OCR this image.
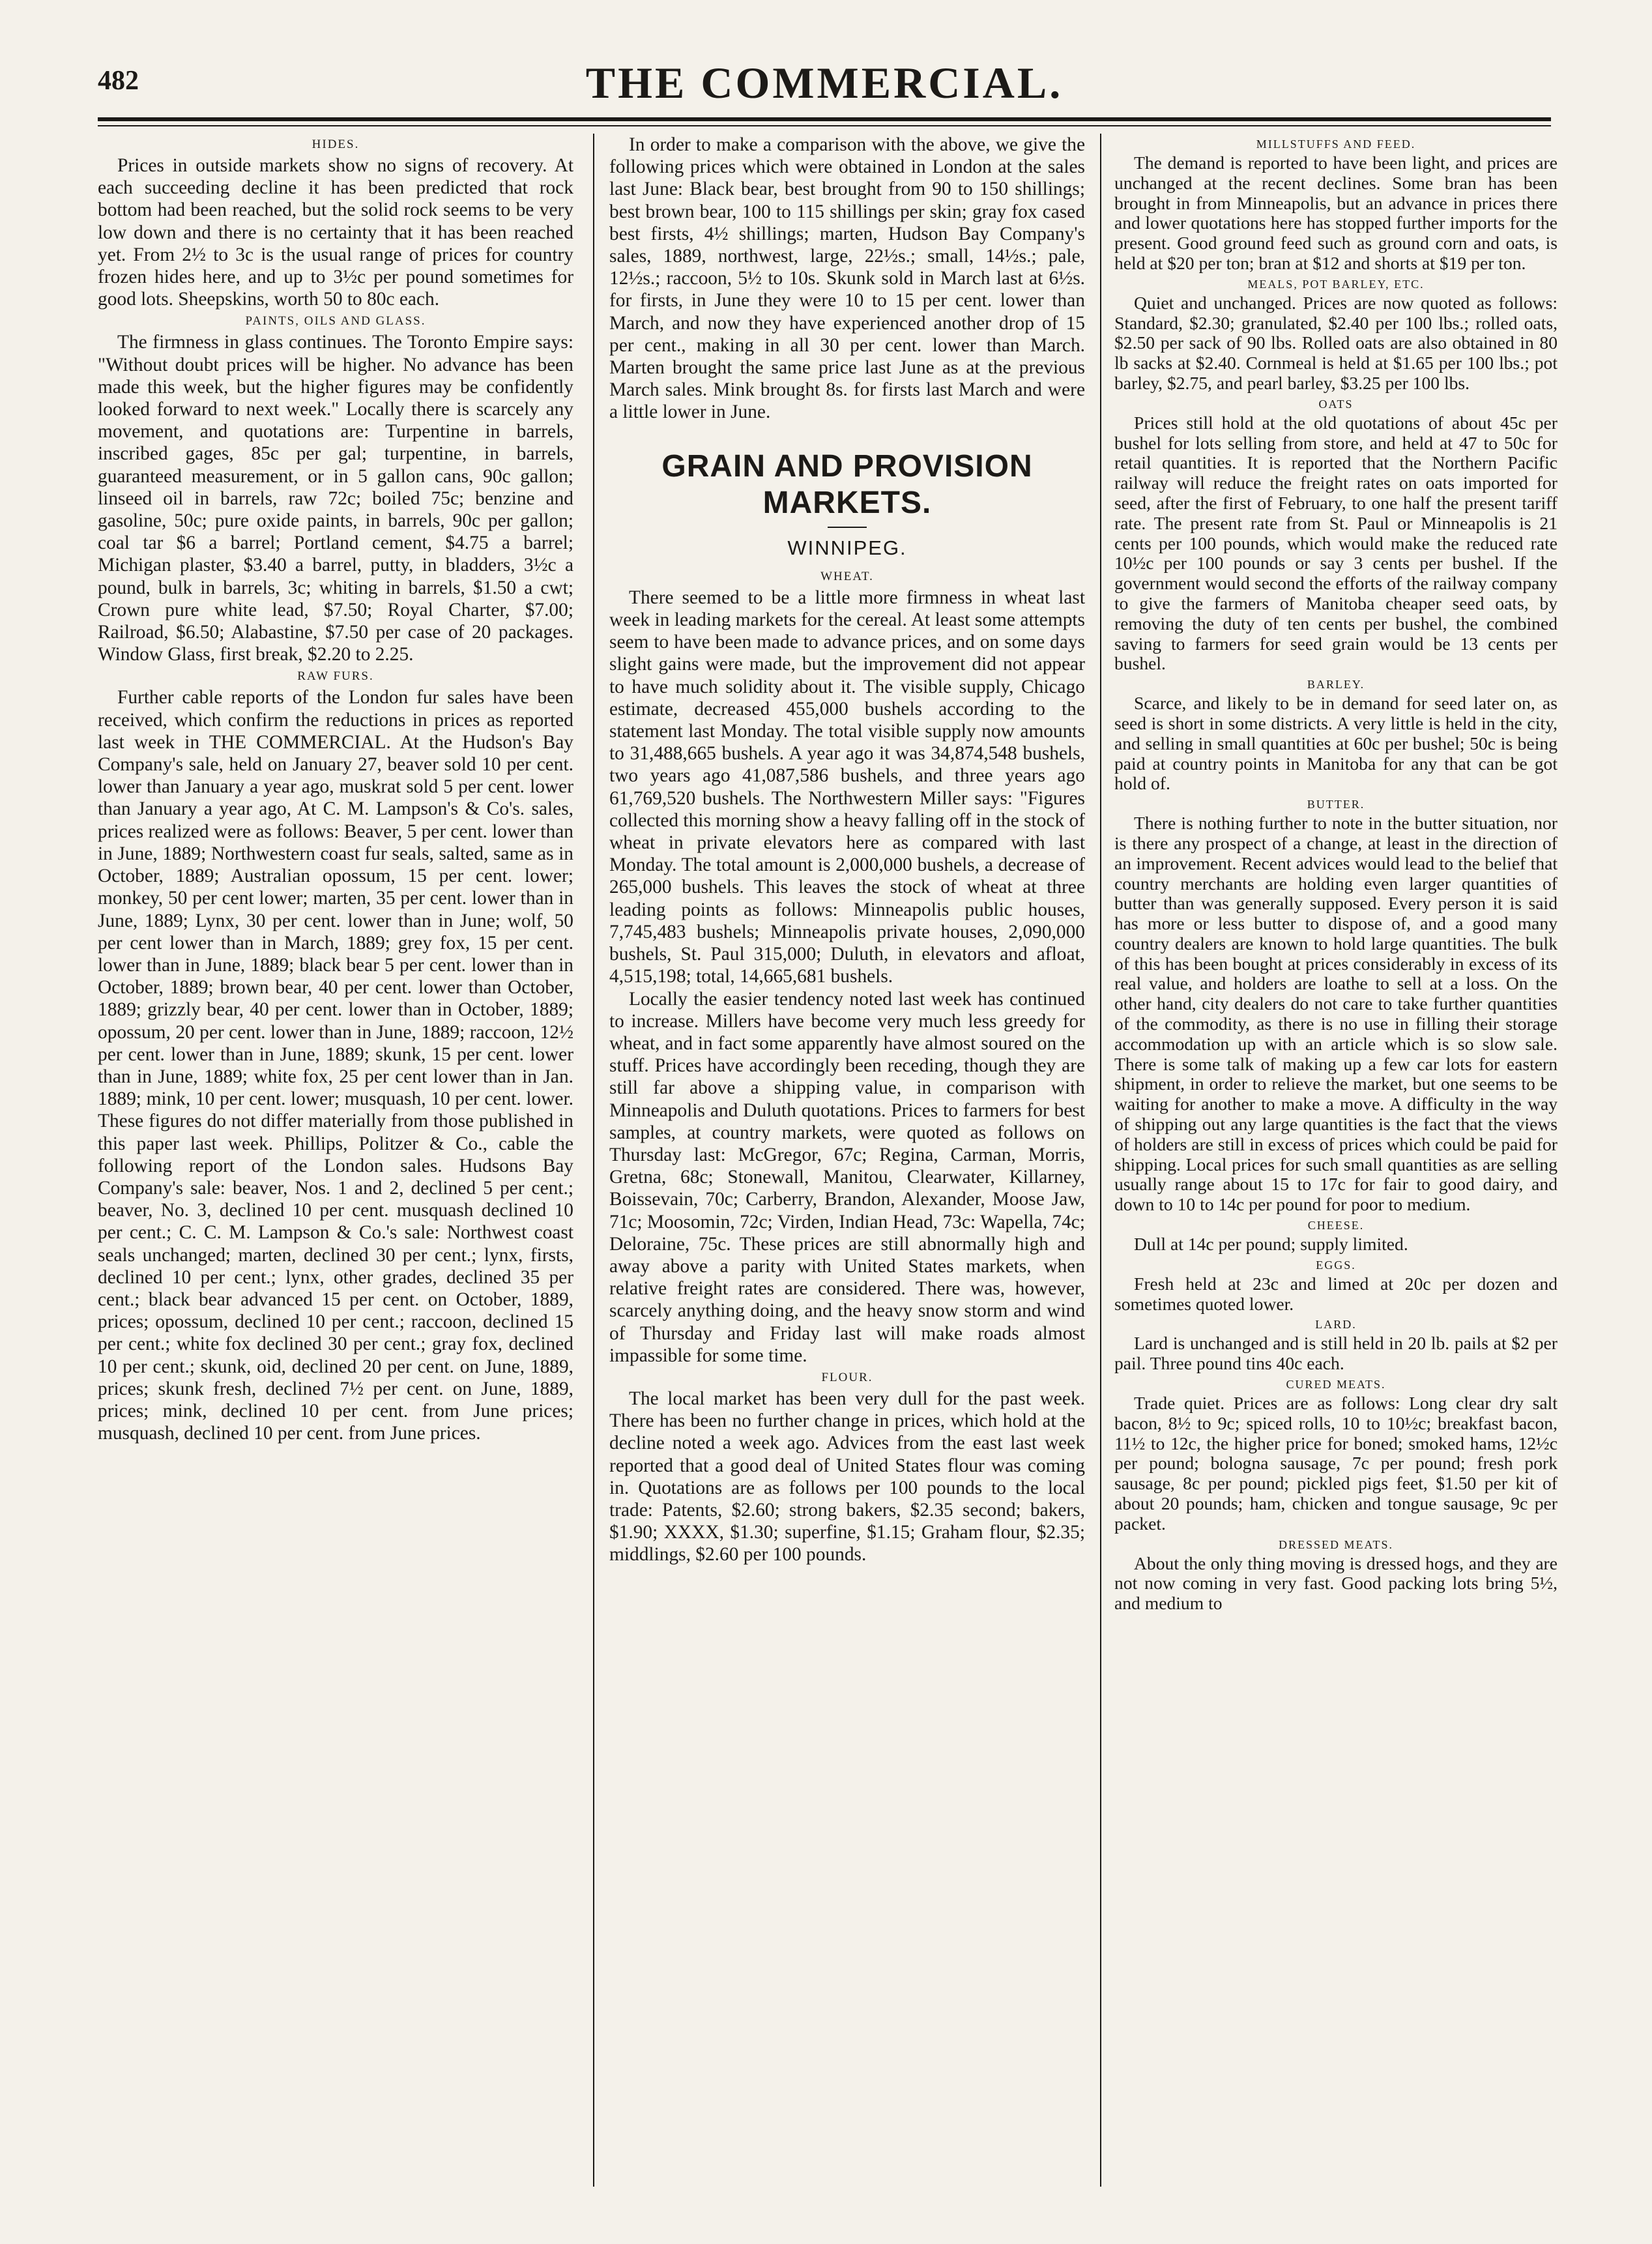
482	THE COMMERCIAL.
HIDES.

Prices in outside markets show no signs of recovery. At each succeeding decline it has been predicted that rock bottom had been reached, but the solid rock seems to be very low down and there is no certainty that it has been reached yet. From 2½ to 3c is the usual range of prices for country frozen hides here, and up to 3½c per pound sometimes for good lots. Sheepskins, worth 50 to 80c each.

PAINTS, OILS AND GLASS.

The firmness in glass continues. The Toronto Empire says: "Without doubt prices will be higher. No advance has been made this week, but the higher figures may be confidently looked forward to next week." Locally there is scarcely any movement, and quotations are: Turpentine in barrels, inscribed gages, 85c per gal; turpentine, in barrels, guaranteed measurement, or in 5 gallon cans, 90c gallon; linseed oil in barrels, raw 72c; boiled 75c; benzine and gasoline, 50c; pure oxide paints, in barrels, 90c per gallon; coal tar $6 a barrel; Portland cement, $4.75 a barrel; Michigan plaster, $3.40 a barrel, putty, in bladders, 3½c a pound, bulk in barrels, 3c; whiting in barrels, $1.50 a cwt; Crown pure white lead, $7.50; Royal Charter, $7.00; Railroad, $6.50; Alabastine, $7.50 per case of 20 packages. Window Glass, first break, $2.20 to 2.25.

RAW FURS.

Further cable reports of the London fur sales have been received, which confirm the reductions in prices as reported last week in THE COMMERCIAL. At the Hudson's Bay Company's sale, held on January 27, beaver sold 10 per cent. lower than January a year ago, muskrat sold 5 per cent. lower than January a year ago, At C. M. Lampson's & Co's. sales, prices realized were as follows: Beaver, 5 per cent. lower than in June, 1889; Northwestern coast fur seals, salted, same as in October, 1889; Australian opossum, 15 per cent. lower; monkey, 50 per cent lower; marten, 35 per cent. lower than in June, 1889; Lynx, 30 per cent. lower than in June; wolf, 50 per cent lower than in March, 1889; grey fox, 15 per cent. lower than in June, 1889; black bear 5 per cent. lower than in October, 1889; brown bear, 40 per cent. lower than October, 1889; grizzly bear, 40 per cent. lower than in October, 1889; opossum, 20 per cent. lower than in June, 1889; raccoon, 12½ per cent. lower than in June, 1889; skunk, 15 per cent. lower than in June, 1889; white fox, 25 per cent lower than in Jan. 1889; mink, 10 per cent. lower; musquash, 10 per cent. lower. These figures do not differ materially from those published in this paper last week. Phillips, Politzer & Co., cable the following report of the London sales. Hudsons Bay Company's sale: beaver, Nos. 1 and 2, declined 5 per cent.; beaver, No. 3, declined 10 per cent. musquash declined 10 per cent.; C. C. M. Lampson & Co.'s sale: Northwest coast seals unchanged; marten, declined 30 per cent.; lynx, firsts, declined 10 per cent.; lynx, other grades, declined 35 per cent.; black bear advanced 15 per cent. on October, 1889, prices; opossum, declined 10 per cent.; raccoon, declined 15 per cent.; white fox declined 30 per cent.; gray fox, declined 10 per cent.; skunk, oid, declined 20 per cent. on June, 1889, prices; skunk fresh, declined 7½ per cent. on June, 1889, prices; mink, declined 10 per cent. from June prices; musquash, declined 10 per cent. from June prices.

In order to make a comparison with the above, we give the following prices which were obtained in London at the sales last June: Black bear, best brought from 90 to 150 shillings; best brown bear, 100 to 115 shillings per skin; gray fox cased best firsts, 4½ shillings; marten, Hudson Bay Company's sales, 1889, northwest, large, 22½s.; small, 14½s.; pale, 12½s.; raccoon, 5½ to 10s. Skunk sold in March last at 6½s. for firsts, in June they were 10 to 15 per cent. lower than March, and now they have experienced another drop of 15 per cent., making in all 30 per cent. lower than March. Marten brought the same price last June as at the previous March sales. Mink brought 8s. for firsts last March and were a little lower in June.

GRAIN AND PROVISION MARKETS.
WINNIPEG.
WHEAT.

There seemed to be a little more firmness in wheat last week in leading markets for the cereal. At least some attempts seem to have been made to advance prices, and on some days slight gains were made, but the improvement did not appear to have much solidity about it. The visible supply, Chicago estimate, decreased 455,000 bushels according to the statement last Monday. The total visible supply now amounts to 31,488,665 bushels. A year ago it was 34,874,548 bushels, two years ago 41,087,586 bushels, and three years ago 61,769,520 bushels. The Northwestern Miller says: "Figures collected this morning show a heavy falling off in the stock of wheat in private elevators here as compared with last Monday. The total amount is 2,000,000 bushels, a decrease of 265,000 bushels. This leaves the stock of wheat at three leading points as follows: Minneapolis public houses, 7,745,483 bushels; Minneapolis private houses, 2,090,000 bushels, St. Paul 315,000; Duluth, in elevators and afloat, 4,515,198; total, 14,665,681 bushels.

Locally the easier tendency noted last week has continued to increase. Millers have become very much less greedy for wheat, and in fact some apparently have almost soured on the stuff. Prices have accordingly been receding, though they are still far above a shipping value, in comparison with Minneapolis and Duluth quotations. Prices to farmers for best samples, at country markets, were quoted as follows on Thursday last: McGregor, 67c; Regina, Carman, Morris, Gretna, 68c; Stonewall, Manitou, Clearwater, Killarney, Boissevain, 70c; Carberry, Brandon, Alexander, Moose Jaw, 71c; Moosomin, 72c; Virden, Indian Head, 73c: Wapella, 74c; Deloraine, 75c. These prices are still abnormally high and away above a parity with United States markets, when relative freight rates are considered. There was, however, scarcely anything doing, and the heavy snow storm and wind of Thursday and Friday last will make roads almost impassible for some time.

FLOUR.

The local market has been very dull for the past week. There has been no further change in prices, which hold at the decline noted a week ago. Advices from the east last week reported that a good deal of United States flour was coming in. Quotations are as follows per 100 pounds to the local trade: Patents, $2.60; strong bakers, $2.35 second; bakers, $1.90; XXXX, $1.30; superfine, $1.15; Graham flour, $2.35; middlings, $2.60 per 100 pounds.

MILLSTUFFS AND FEED.

The demand is reported to have been light, and prices are unchanged at the recent declines. Some bran has been brought in from Minneapolis, but an advance in prices there and lower quotations here has stopped further imports for the present. Good ground feed such as ground corn and oats, is held at $20 per ton; bran at $12 and shorts at $19 per ton.

MEALS, POT BARLEY, ETC.

Quiet and unchanged. Prices are now quoted as follows: Standard, $2.30; granulated, $2.40 per 100 lbs.; rolled oats, $2.50 per sack of 90 lbs. Rolled oats are also obtained in 80 lb sacks at $2.40. Cornmeal is held at $1.65 per 100 lbs.; pot barley, $2.75, and pearl barley, $3.25 per 100 lbs.

OATS

Prices still hold at the old quotations of about 45c per bushel for lots selling from store, and held at 47 to 50c for retail quantities. It is reported that the Northern Pacific railway will reduce the freight rates on oats imported for seed, after the first of February, to one half the present tariff rate. The present rate from St. Paul or Minneapolis is 21 cents per 100 pounds, which would make the reduced rate 10½c per 100 pounds or say 3 cents per bushel. If the government would second the efforts of the railway company to give the farmers of Manitoba cheaper seed oats, by removing the duty of ten cents per bushel, the combined saving to farmers for seed grain would be 13 cents per bushel.

BARLEY.

Scarce, and likely to be in demand for seed later on, as seed is short in some districts. A very little is held in the city, and selling in small quantities at 60c per bushel; 50c is being paid at country points in Manitoba for any that can be got hold of.

BUTTER.

There is nothing further to note in the butter situation, nor is there any prospect of a change, at least in the direction of an improvement. Recent advices would lead to the belief that country merchants are holding even larger quantities of butter than was generally supposed. Every person it is said has more or less butter to dispose of, and a good many country dealers are known to hold large quantities. The bulk of this has been bought at prices considerably in excess of its real value, and holders are loathe to sell at a loss. On the other hand, city dealers do not care to take further quantities of the commodity, as there is no use in filling their storage accommodation up with an article which is so slow sale. There is some talk of making up a few car lots for eastern shipment, in order to relieve the market, but one seems to be waiting for another to make a move. A difficulty in the way of shipping out any large quantities is the fact that the views of holders are still in excess of prices which could be paid for shipping. Local prices for such small quantities as are selling usually range about 15 to 17c for fair to good dairy, and down to 10 to 14c per pound for poor to medium.

CHEESE.

Dull at 14c per pound; supply limited.

EGGS.

Fresh held at 23c and limed at 20c per dozen and sometimes quoted lower.

LARD.

Lard is unchanged and is still held in 20 lb. pails at $2 per pail. Three pound tins 40c each.

CURED MEATS.

Trade quiet. Prices are as follows: Long clear dry salt bacon, 8½ to 9c; spiced rolls, 10 to 10½c; breakfast bacon, 11½ to 12c, the higher price for boned; smoked hams, 12½c per pound; bologna sausage, 7c per pound; fresh pork sausage, 8c per pound; pickled pigs feet, $1.50 per kit of about 20 pounds; ham, chicken and tongue sausage, 9c per packet.

DRESSED MEATS.

About the only thing moving is dressed hogs, and they are not now coming in very fast. Good packing lots bring 5½, and medium to
